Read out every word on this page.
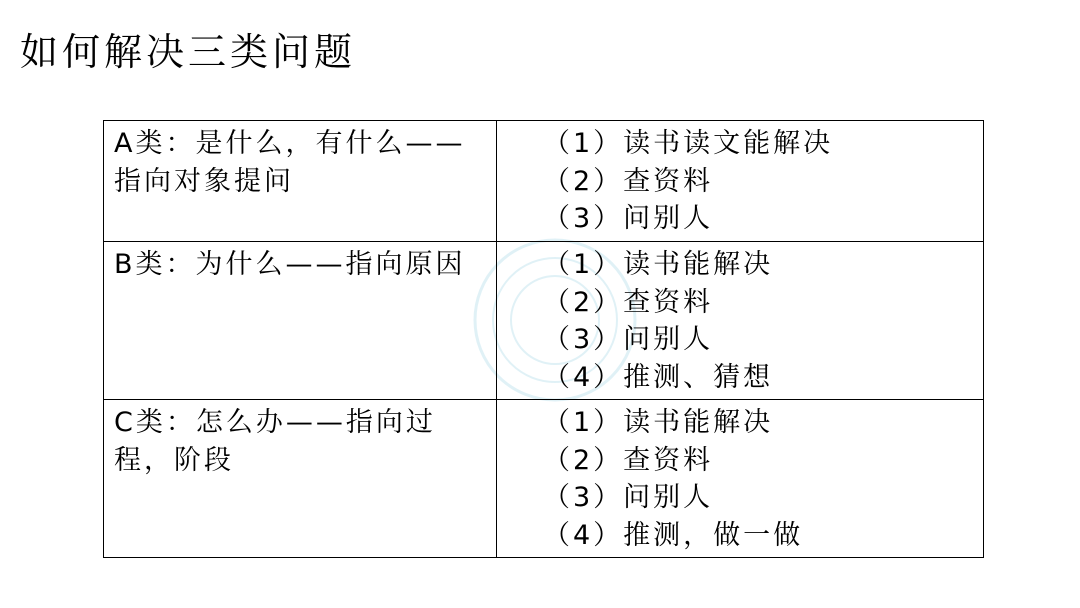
如何解决三类问题
A类：是什么，有什么——指向对象提问	（1）读书读文能解决
（2）查资料
（3）问别人

B类：为什么——指向原因	（1）读书能解决
（2）查资料
（3）问别人
（4）推测、猜想

C类：怎么办——指向过程，阶段	（1）读书能解决
（2）查资料
（3）问别人
（4）推测，做一做
